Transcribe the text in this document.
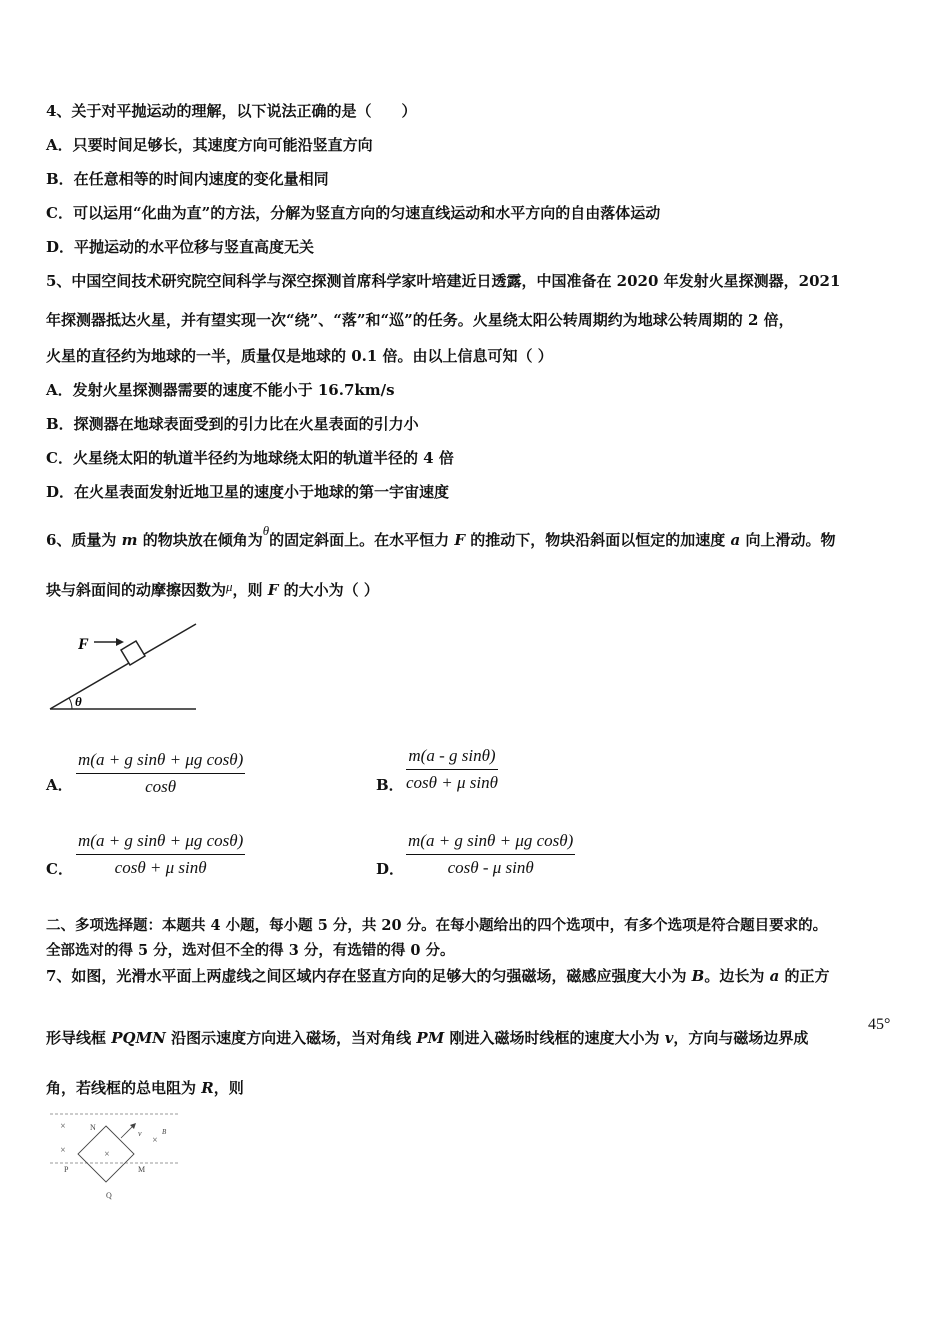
4、关于对平抛运动的理解，以下说法正确的是（　　）
A．只要时间足够长，其速度方向可能沿竖直方向
B．在任意相等的时间内速度的变化量相同
C．可以运用“化曲为直”的方法，分解为竖直方向的匀速直线运动和水平方向的自由落体运动
D．平抛运动的水平位移与竖直高度无关
5、中国空间技术研究院空间科学与深空探测首席科学家叶培建近日透露，中国准备在 2020 年发射火星探测器，2021
年探测器抵达火星，并有望实现一次“绕”、“落”和“巡”的任务。火星绕太阳公转周期约为地球公转周期的 2 倍，
火星的直径约为地球的一半，质量仅是地球的 0.1 倍。由以上信息可知（ ）
A．发射火星探测器需要的速度不能小于 16.7km/s
B．探测器在地球表面受到的引力比在火星表面的引力小
C．火星绕太阳的轨道半径约为地球绕太阳的轨道半径的 4 倍
D．在火星表面发射近地卫星的速度小于地球的第一宇宙速度
6、质量为 m 的物块放在倾角为θ的固定斜面上。在水平恒力 F 的推动下，物块沿斜面以恒定的加速度 a 向上滑动。物
块与斜面间的动摩擦因数为μ，则 F 的大小为（ ）
F
θ
A． $\frac{\text{m(a + g sinθ + μg cosθ)}}{\cos\theta}$	B． $\frac{\text{m(a - g sinθ)}}{\text{cosθ + μ sinθ}}$
C． $\frac{\text{m(a + g sinθ + μg cosθ)}}{\text{cosθ + μ sinθ}}$	D． $\frac{\text{m(a + g sinθ + μg cosθ)}}{\text{cosθ - μ sinθ}}$
二、多项选择题：本题共 4 小题，每小题 5 分，共 20 分。在每小题给出的四个选项中，有多个选项是符合题目要求的。
全部选对的得 5 分，选对但不全的得 3 分，有选错的得 0 分。
7、如图，光滑水平面上两虚线之间区域内存在竖直方向的足够大的匀强磁场，磁感应强度大小为 B。边长为 a 的正方
形导线框 PQMN 沿图示速度方向进入磁场，当对角线 PM 刚进入磁场时线框的速度大小为 v，方向与磁场边界成
45°
角，若线框的总电阻为 R，则
×
×	×
×
N
v	B
P	M
Q
